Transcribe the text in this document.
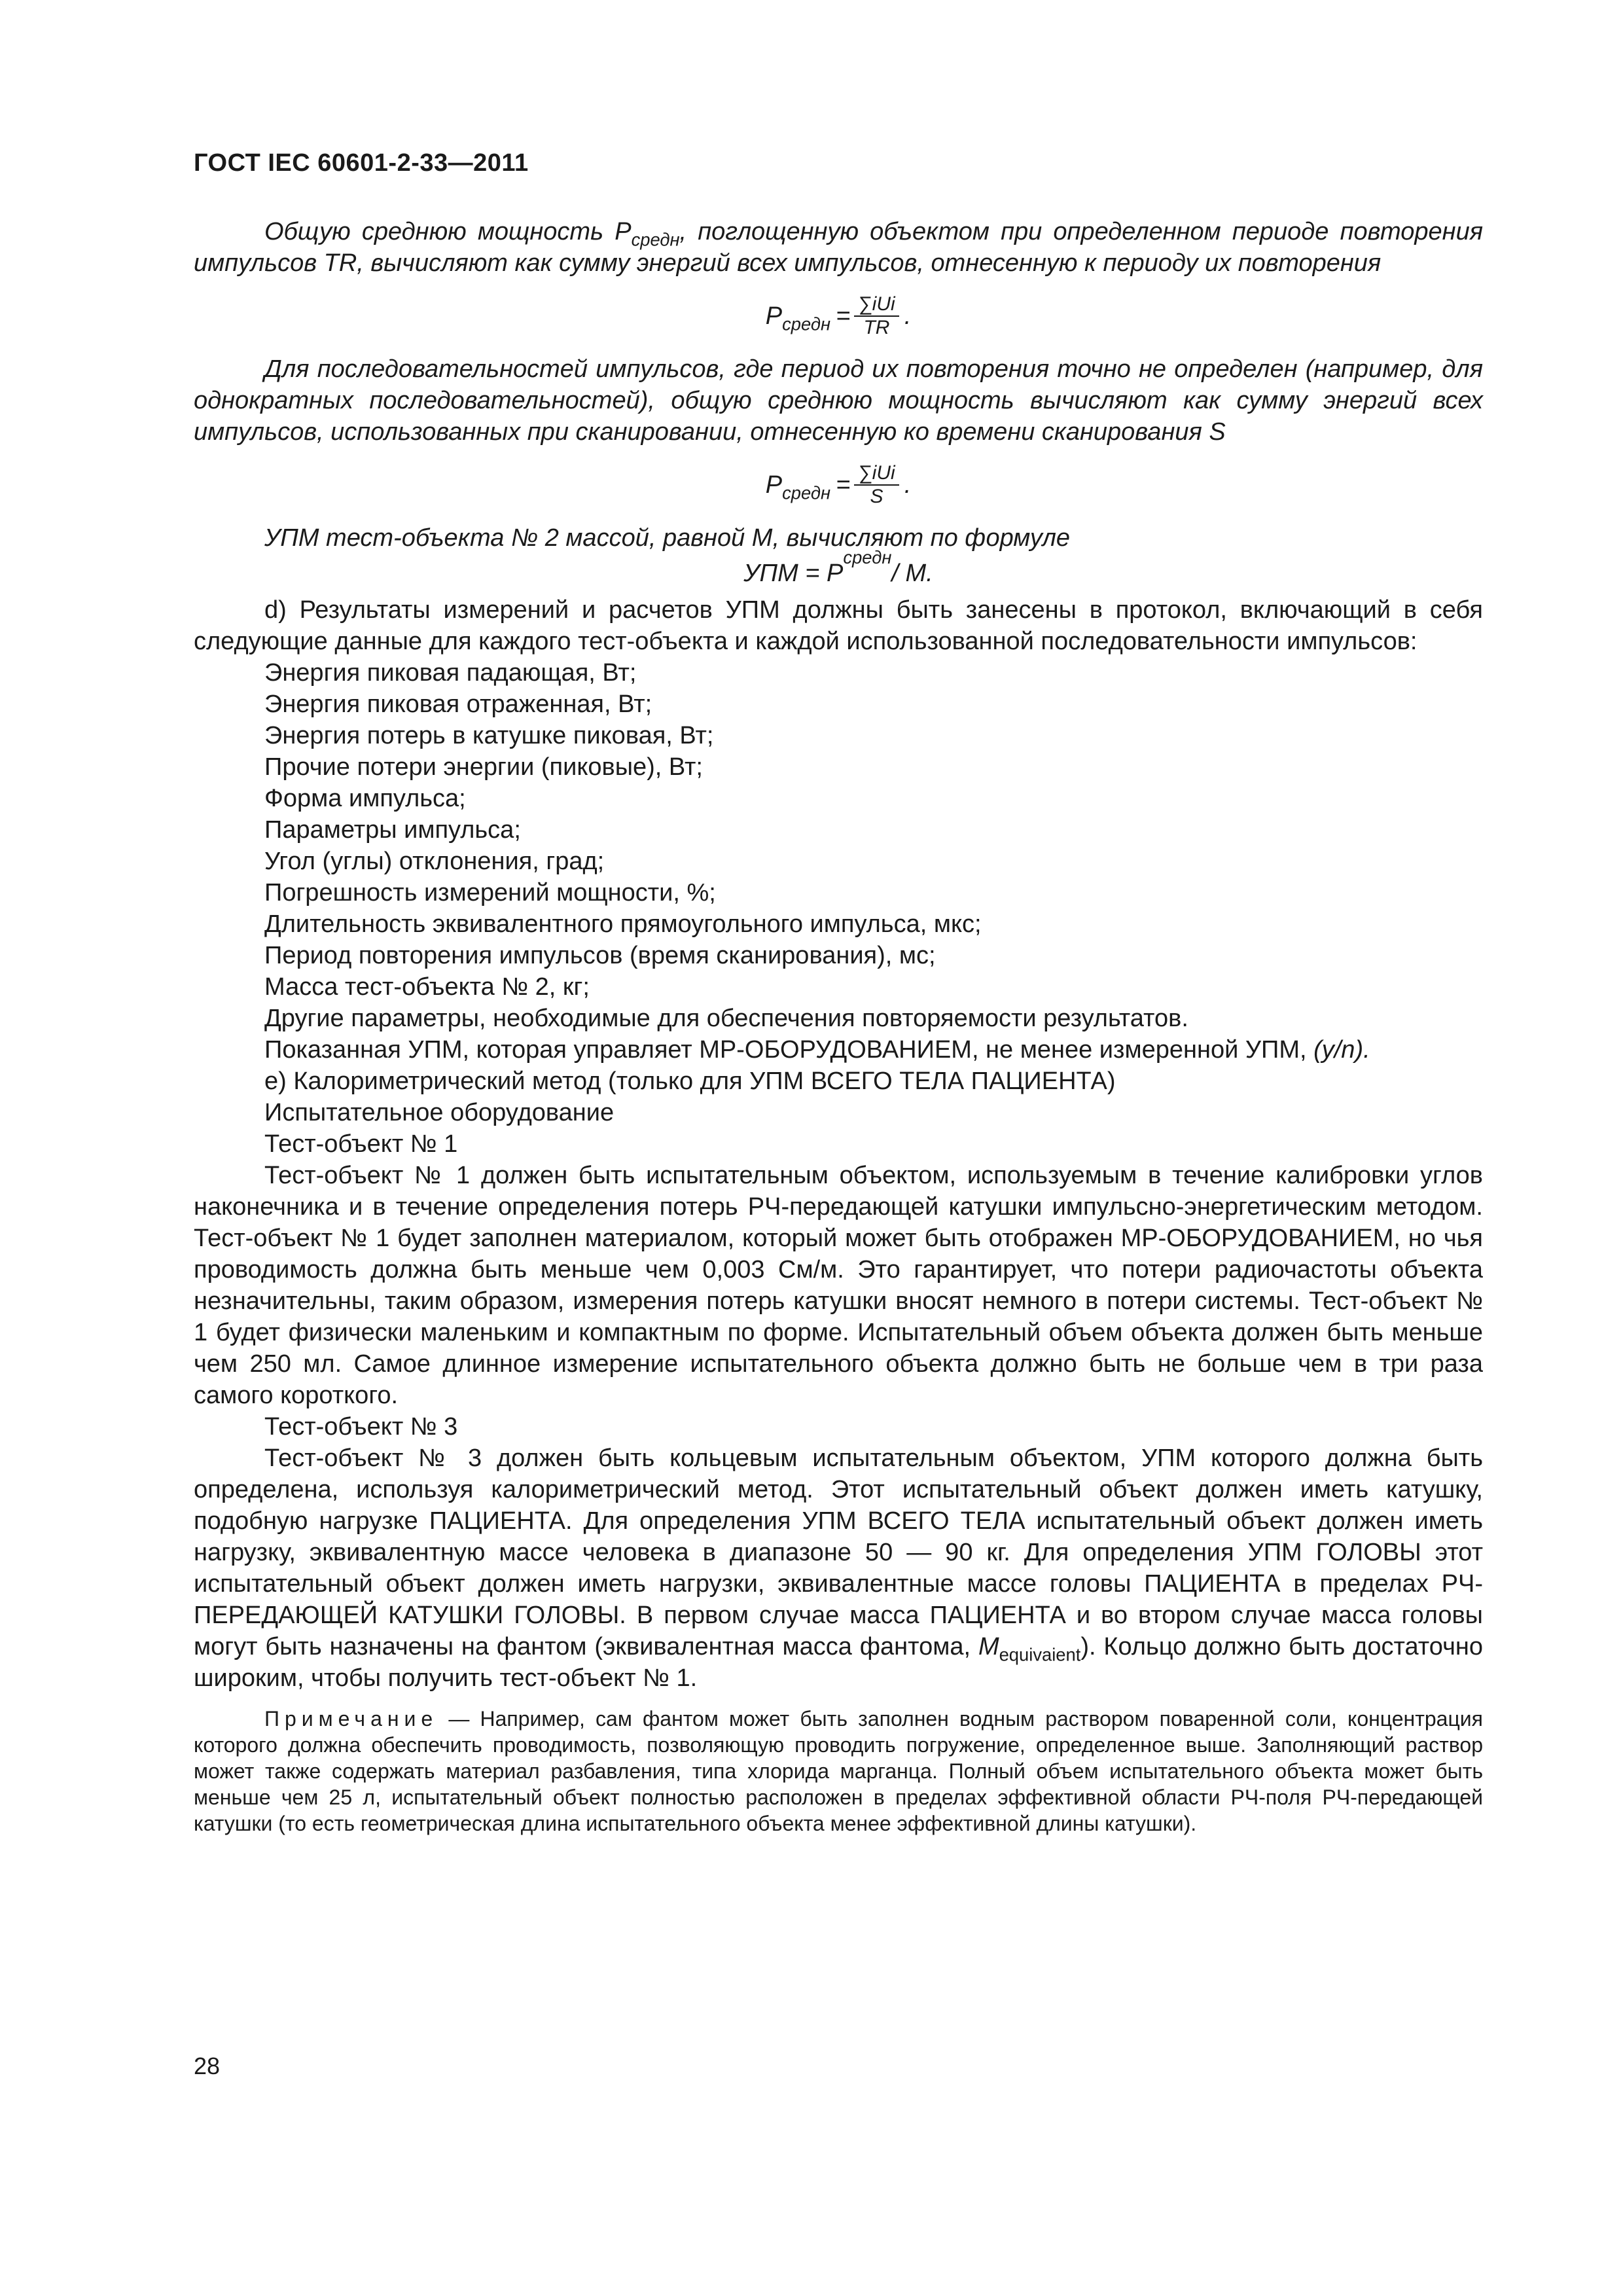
ГОСТ IEC 60601-2-33—2011

Общую среднюю мощность $P_{средн}$, поглощенную объектом при определенном периоде повторения импульсов TR, вычисляют как сумму энергий всех импульсов, отнесенную к периоду их повторения

$P_{средн} = \frac{\text{∑iUi}}{TR}$ .

Для последовательностей импульсов, где период их повторения точно не определен (например, для однократных последовательностей), общую среднюю мощность вычисляют как сумму энергий всех импульсов, использованных при сканировании, отнесенную ко времени сканирования S

$P_{средн} = \frac{\text{∑iUi}}{S}$ .

УПМ тест-объекта № 2 массой, равной M, вычисляют по формуле

УПМ = P
средн
/ M.

d) Результаты измерений и расчетов УПМ должны быть занесены в протокол, включающий в себя следующие данные для каждого тест-объекта и каждой использованной последовательности импульсов:

Энергия пиковая падающая, Вт;

Энергия пиковая отраженная, Вт;

Энергия потерь в катушке пиковая, Вт;

Прочие потери энергии (пиковые), Вт;

Форма импульса;

Параметры импульса;

Угол (углы) отклонения, град;

Погрешность измерений мощности, %;

Длительность эквивалентного прямоугольного импульса, мкс;

Период повторения импульсов (время сканирования), мс;

Масса тест-объекта № 2, кг;

Другие параметры, необходимые для обеспечения повторяемости результатов.

Показанная УПМ, которая управляет МР-ОБОРУДОВАНИЕМ, не менее измеренной УПМ, (y/n).

e) Калориметрический метод (только для УПМ ВСЕГО ТЕЛА ПАЦИЕНТА)

Испытательное оборудование

Тест-объект № 1

Тест-объект № 1 должен быть испытательным объектом, используемым в течение калибровки углов наконечника и в течение определения потерь РЧ-передающей катушки импульсно-энергетическим методом. Тест-объект № 1 будет заполнен материалом, который может быть отображен МР-ОБОРУДОВАНИЕМ, но чья проводимость должна быть меньше чем 0,003 См/м. Это гарантирует, что потери радиочастоты объекта незначительны, таким образом, измерения потерь катушки вносят немного в потери системы. Тест-объект № 1 будет физически маленьким и компактным по форме. Испытательный объем объекта должен быть меньше чем 250 мл. Самое длинное измерение испытательного объекта должно быть не больше чем в три раза самого короткого.

Тест-объект № 3

Тест-объект № 3 должен быть кольцевым испытательным объектом, УПМ которого должна быть определена, используя калориметрический метод. Этот испытательный объект должен иметь катушку, подобную нагрузке ПАЦИЕНТА. Для определения УПМ ВСЕГО ТЕЛА испытательный объект должен иметь нагрузку, эквивалентную массе человека в диапазоне 50 — 90 кг. Для определения УПМ ГОЛОВЫ этот испытательный объект должен иметь нагрузки, эквивалентные массе головы ПАЦИЕНТА в пределах РЧ-ПЕРЕДАЮЩЕЙ КАТУШКИ ГОЛОВЫ. В первом случае масса ПАЦИЕНТА и во втором случае масса головы могут быть назначены на фантом (эквивалентная масса фантома, $M_{equivaient}$). Кольцо должно быть достаточно широким, чтобы получить тест-объект № 1.

Примечание — Например, сам фантом может быть заполнен водным раствором поваренной соли, концентрация которого должна обеспечить проводимость, позволяющую проводить погружение, определенное выше. Заполняющий раствор может также содержать материал разбавления, типа хлорида марганца. Полный объем испытательного объекта может быть меньше чем 25 л, испытательный объект полностью расположен в пределах эффективной области РЧ-поля РЧ-передающей катушки (то есть геометрическая длина испытательного объекта менее эффективной длины катушки).

28
